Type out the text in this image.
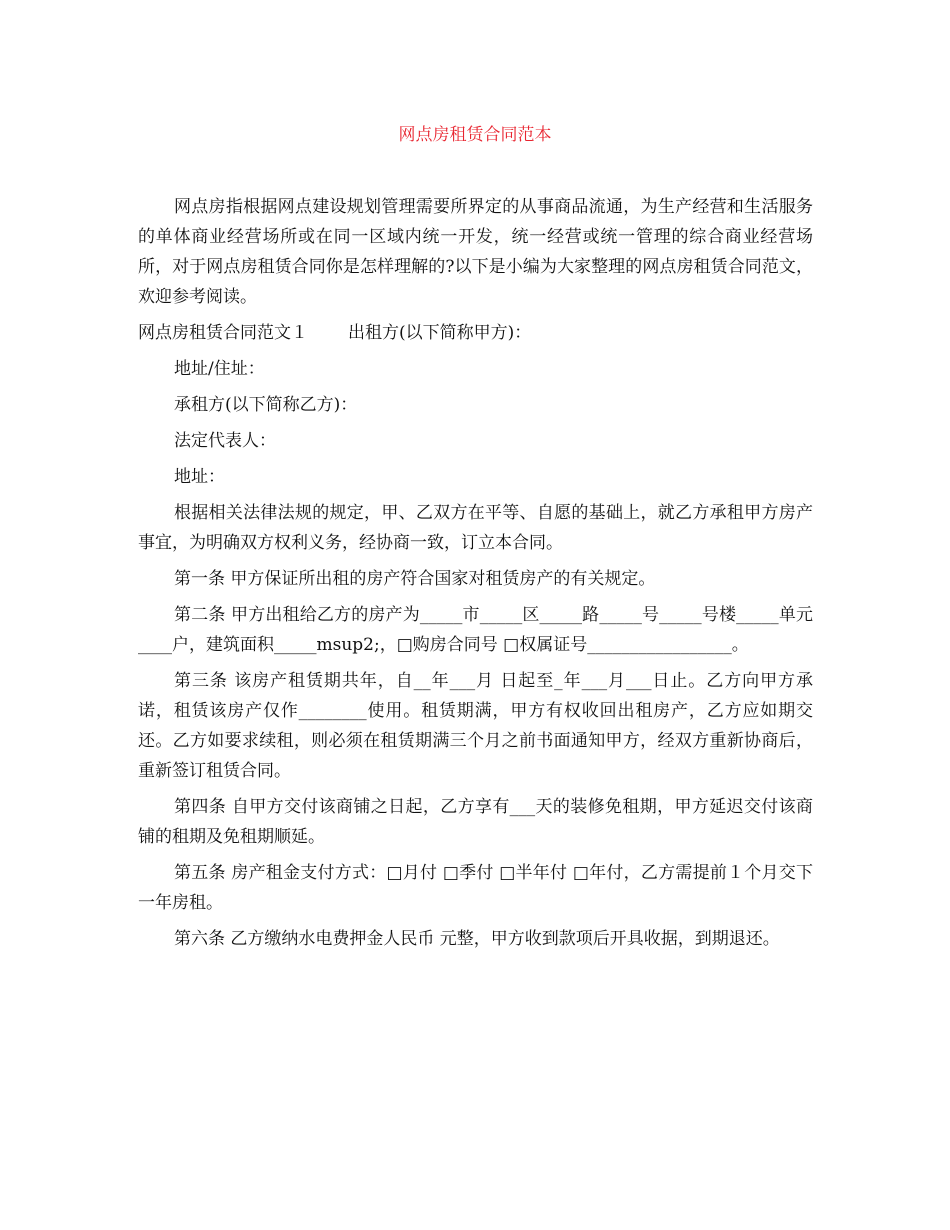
网点房租赁合同范本

网点房指根据网点建设规划管理需要所界定的从事商品流通，为生产经营和生活服务的单体商业经营场所或在同一区域内统一开发，统一经营或统一管理的综合商业经营场所，对于网点房租赁合同你是怎样理解的?以下是小编为大家整理的网点房租赁合同范文，欢迎参考阅读。

网点房租赁合同范文１ 出租方(以下简称甲方)：

地址/住址：

承租方(以下简称乙方)：

法定代表人：

地址：

根据相关法律法规的规定，甲、乙双方在平等、自愿的基础上，就乙方承租甲方房产事宜，为明确双方权利义务，经协商一致，订立本合同。

第一条 甲方保证所出租的房产符合国家对租赁房产的有关规定。

第二条 甲方出租给乙方的房产为_____市_____区_____路_____号_____号楼_____单元____户，建筑面积_____msup2;，□购房合同号 □权属证号_________________。

第三条 该房产租赁期共年，自__年___月 日起至_年___月___日止。乙方向甲方承诺，租赁该房产仅作________使用。租赁期满，甲方有权收回出租房产，乙方应如期交还。乙方如要求续租，则必须在租赁期满三个月之前书面通知甲方，经双方重新协商后，重新签订租赁合同。

第四条 自甲方交付该商铺之日起，乙方享有___天的装修免租期，甲方延迟交付该商铺的租期及免租期顺延。

第五条 房产租金支付方式：□月付 □季付 □半年付 □年付，乙方需提前１个月交下一年房租。

第六条 乙方缴纳水电费押金人民币 元整，甲方收到款项后开具收据，到期退还。
